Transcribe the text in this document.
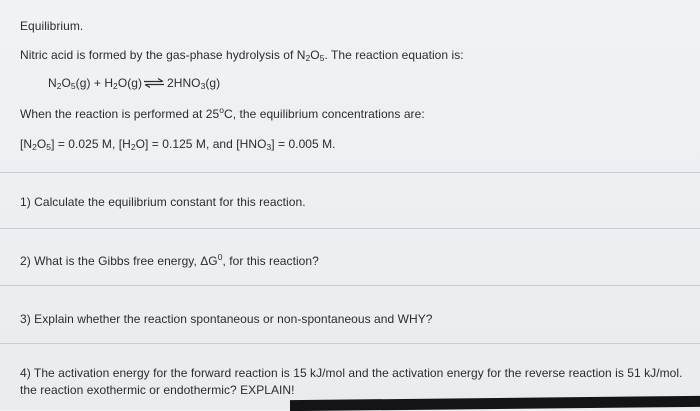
Equilibrium.
Nitric acid is formed by the gas-phase hydrolysis of $N_2O_5$. The reaction equation is:
$N_2O_5(g)$ + $H_2O(g)\rightleftharpoons$ $2HNO_3(g)$
When the reaction is performed at 25$^o$C, the equilibrium concentrations are:
$[N_2O_5] = 0.025$ M, $[H_2O] = 0.125$ M, and $[HNO_3] = 0.005$ M.
1) Calculate the equilibrium constant for this reaction.
2) What is the Gibbs free energy, $\Delta G^0$, for this reaction?
3) Explain whether the reaction spontaneous or non-spontaneous and WHY?
4) The activation energy for the forward reaction is 15 kJ/mol and the activation energy for the reverse reaction is 51 kJ/mol.
the reaction exothermic or endothermic? EXPLAIN!
